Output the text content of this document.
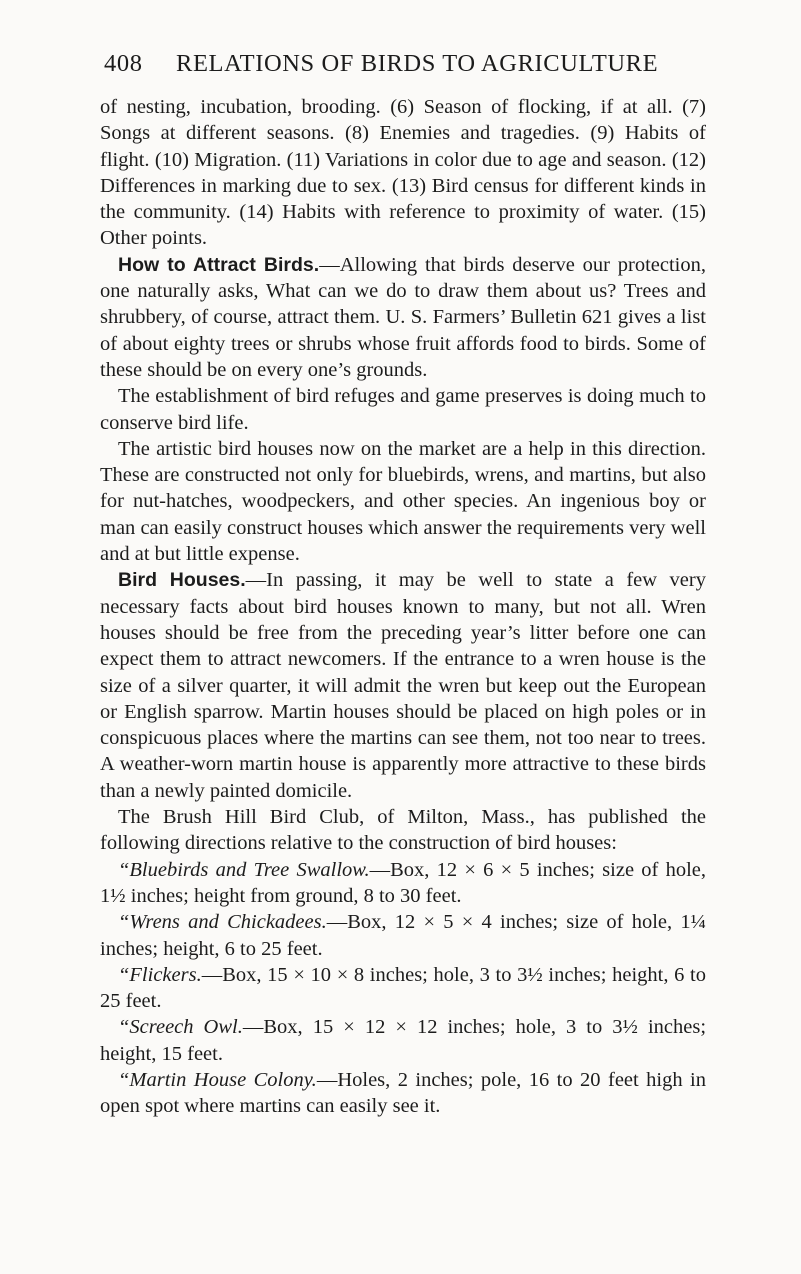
408 RELATIONS OF BIRDS TO AGRICULTURE

of nesting, incubation, brooding. (6) Season of flocking, if at all. (7) Songs at different seasons. (8) Enemies and tragedies. (9) Habits of flight. (10) Migration. (11) Variations in color due to age and season. (12) Differences in marking due to sex. (13) Bird census for different kinds in the community. (14) Habits with reference to proximity of water. (15) Other points.

How to Attract Birds.—Allowing that birds deserve our protection, one naturally asks, What can we do to draw them about us? Trees and shrubbery, of course, attract them. U. S. Farmers’ Bulletin 621 gives a list of about eighty trees or shrubs whose fruit affords food to birds. Some of these should be on every one’s grounds.

The establishment of bird refuges and game preserves is doing much to conserve bird life.

The artistic bird houses now on the market are a help in this direction. These are constructed not only for bluebirds, wrens, and martins, but also for nut-hatches, woodpeckers, and other species. An ingenious boy or man can easily construct houses which answer the requirements very well and at but little expense.

Bird Houses.—In passing, it may be well to state a few very necessary facts about bird houses known to many, but not all. Wren houses should be free from the preceding year’s litter before one can expect them to attract newcomers. If the entrance to a wren house is the size of a silver quarter, it will admit the wren but keep out the European or English sparrow. Martin houses should be placed on high poles or in conspicuous places where the martins can see them, not too near to trees. A weather-worn martin house is apparently more attractive to these birds than a newly painted domicile.

The Brush Hill Bird Club, of Milton, Mass., has published the following directions relative to the construction of bird houses:

“Bluebirds and Tree Swallow.—Box, 12 × 6 × 5 inches; size of hole, 1½ inches; height from ground, 8 to 30 feet.

“Wrens and Chickadees.—Box, 12 × 5 × 4 inches; size of hole, 1¼ inches; height, 6 to 25 feet.

“Flickers.—Box, 15 × 10 × 8 inches; hole, 3 to 3½ inches; height, 6 to 25 feet.

“Screech Owl.—Box, 15 × 12 × 12 inches; hole, 3 to 3½ inches; height, 15 feet.

“Martin House Colony.—Holes, 2 inches; pole, 16 to 20 feet high in open spot where martins can easily see it.
